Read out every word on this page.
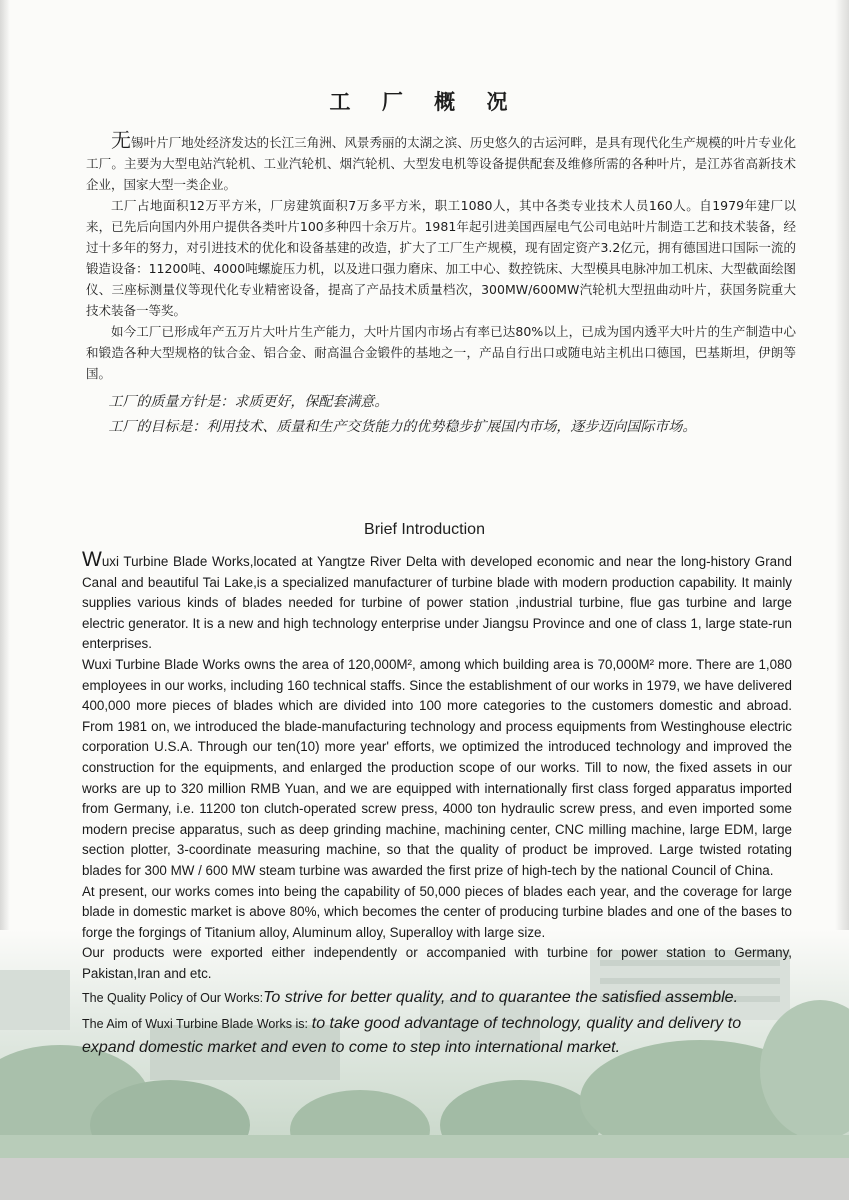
工 厂 概 况

无锡叶片厂地处经济发达的长江三角洲、风景秀丽的太湖之滨、历史悠久的古运河畔，是具有现代化生产规模的叶片专业化工厂。主要为大型电站汽轮机、工业汽轮机、烟汽轮机、大型发电机等设备提供配套及维修所需的各种叶片，是江苏省高新技术企业，国家大型一类企业。

工厂占地面积12万平方米，厂房建筑面积7万多平方米，职工1080人，其中各类专业技术人员160人。自1979年建厂以来，已先后向国内外用户提供各类叶片100多种四十余万片。1981年起引进美国西屋电气公司电站叶片制造工艺和技术装备，经过十多年的努力，对引进技术的优化和设备基建的改造，扩大了工厂生产规模，现有固定资产3.2亿元，拥有德国进口国际一流的锻造设备：11200吨、4000吨螺旋压力机，以及进口强力磨床、加工中心、数控铣床、大型模具电脉冲加工机床、大型截面绘图仪、三座标测量仪等现代化专业精密设备，提高了产品技术质量档次，300MW/600MW汽轮机大型扭曲动叶片，获国务院重大技术装备一等奖。

如今工厂已形成年产五万片大叶片生产能力，大叶片国内市场占有率已达80%以上，已成为国内透平大叶片的生产制造中心和锻造各种大型规格的钛合金、铝合金、耐高温合金锻件的基地之一，产品自行出口或随电站主机出口德国，巴基斯坦，伊朗等国。

工厂的质量方针是：求质更好，保配套满意。

工厂的目标是：利用技术、质量和生产交货能力的优势稳步扩展国内市场，逐步迈向国际市场。

Brief Introduction

Wuxi Turbine Blade Works,located at Yangtze River Delta with developed economic and near the long-history Grand Canal and beautiful Tai Lake,is a specialized manufacturer of turbine blade with modern production capability. It mainly supplies various kinds of blades needed for turbine of power station ,industrial turbine, flue gas turbine and large electric generator. It is a new and high technology enterprise under Jiangsu Province and one of class 1, large state-run enterprises.

Wuxi Turbine Blade Works owns the area of 120,000M², among which building area is 70,000M² more. There are 1,080 employees in our works, including 160 technical staffs. Since the establishment of our works in 1979, we have delivered 400,000 more pieces of blades which are divided into 100 more categories to the customers domestic and abroad. From 1981 on, we introduced the blade-manufacturing technology and process equipments from Westinghouse electric corporation U.S.A. Through our ten(10) more year' efforts, we optimized the introduced technology and improved the construction for the equipments, and enlarged the production scope of our works. Till to now, the fixed assets in our works are up to 320 million RMB Yuan, and we are equipped with internationally first class forged apparatus imported from Germany, i.e. 11200 ton clutch-operated screw press, 4000 ton hydraulic screw press, and even imported some modern precise apparatus, such as deep grinding machine, machining center, CNC milling machine, large EDM, large section plotter, 3-coordinate measuring machine, so that the quality of product be improved. Large twisted rotating blades for 300 MW / 600 MW steam turbine was awarded the first prize of high-tech by the national Council of China.

At present, our works comes into being the capability of 50,000 pieces of blades each year, and the coverage for large blade in domestic market is above 80%, which becomes the center of producing turbine blades and one of the bases to forge the forgings of Titanium alloy, Aluminum alloy, Superalloy with large size.

Our products were exported either independently or accompanied with turbine for power station to Germany, Pakistan,Iran and etc.

The Quality Policy of Our Works:To strive for better quality, and to quarantee the satisfied assemble.

The Aim of Wuxi Turbine Blade Works is: to take good advantage of technology, quality and delivery to expand domestic market and even to come to step into international market.
